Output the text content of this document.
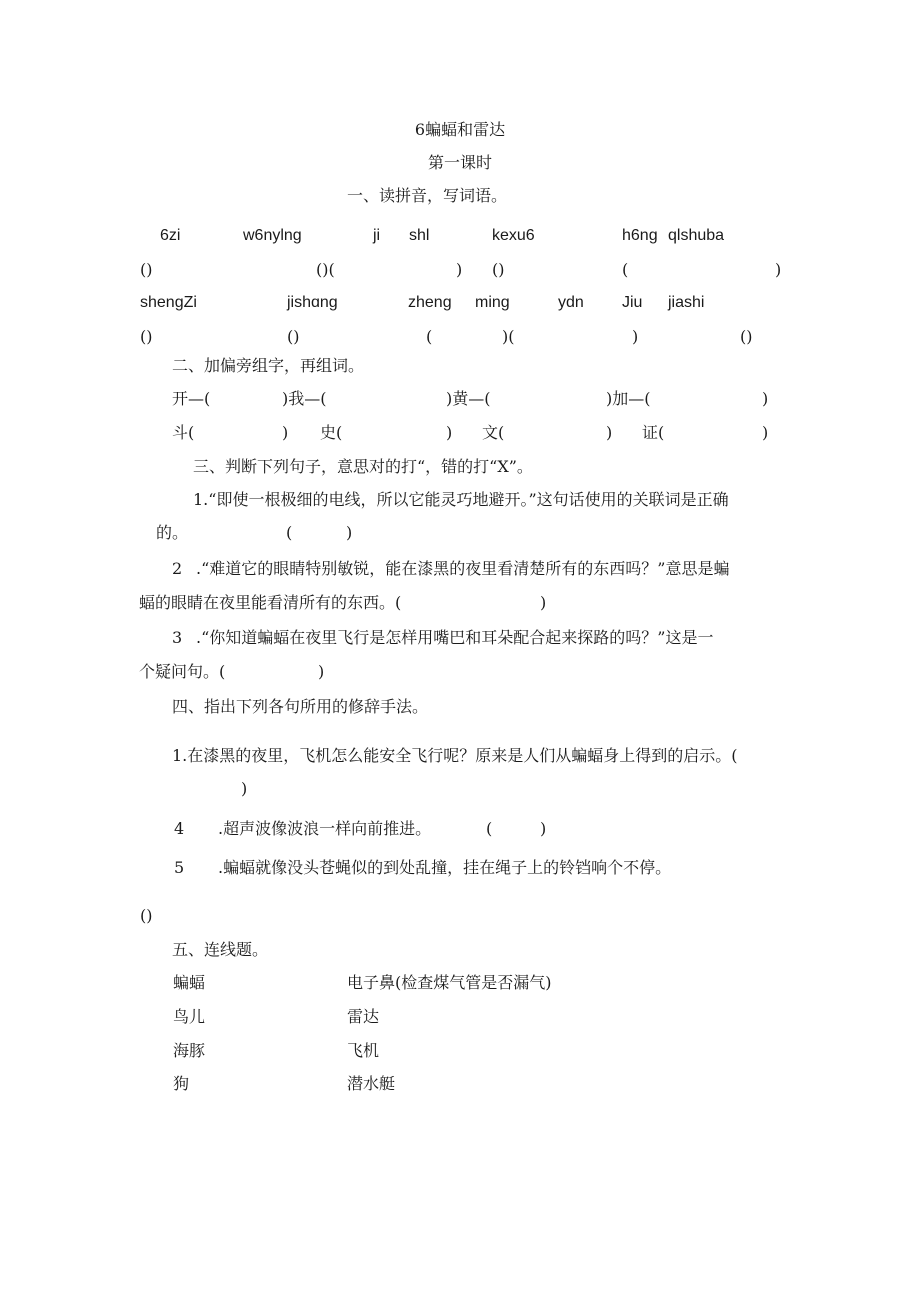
6蝙蝠和雷达
第一课时
一、读拼音，写词语。
6zi	w6nylng	ji shl	kexu6	h6ng qlshuba
()	()(	) ()	(	)
shengZi	jishɑng	zheng ming	ydn Jiu jiashi
()	()	(	)(	)	()
二、加偏旁组字，再组词。
开—(	)我—(	)黄—(	)加—(	)
斗(	) 史(	) 文(	) 证(	)
三、判断下列句子，意思对的打“，错的打“X”。
1.“即使一根极细的电线，所以它能灵巧地避开。”这句话使用的关联词是正确
的。	(	)
2 .“难道它的眼睛特别敏锐，能在漆黑的夜里看清楚所有的东西吗？”意思是蝙
蝠的眼睛在夜里能看清所有的东西。(	)
3 .“你知道蝙蝠在夜里飞行是怎样用嘴巴和耳朵配合起来探路的吗？”这是一
个疑问句。(	)
四、指出下列各句所用的修辞手法。
1.在漆黑的夜里，飞机怎么能安全飞行呢？原来是人们从蝙蝠身上得到的启示。(
)
4 .超声波像波浪一样向前推进。	(	)
5 .蝙蝠就像没头苍蝇似的到处乱撞，挂在绳子上的铃铛响个不停。
()
五、连线题。
蝙蝠	电子鼻(检查煤气管是否漏气)
鸟儿	雷达
海豚	飞机
狗	潜水艇
